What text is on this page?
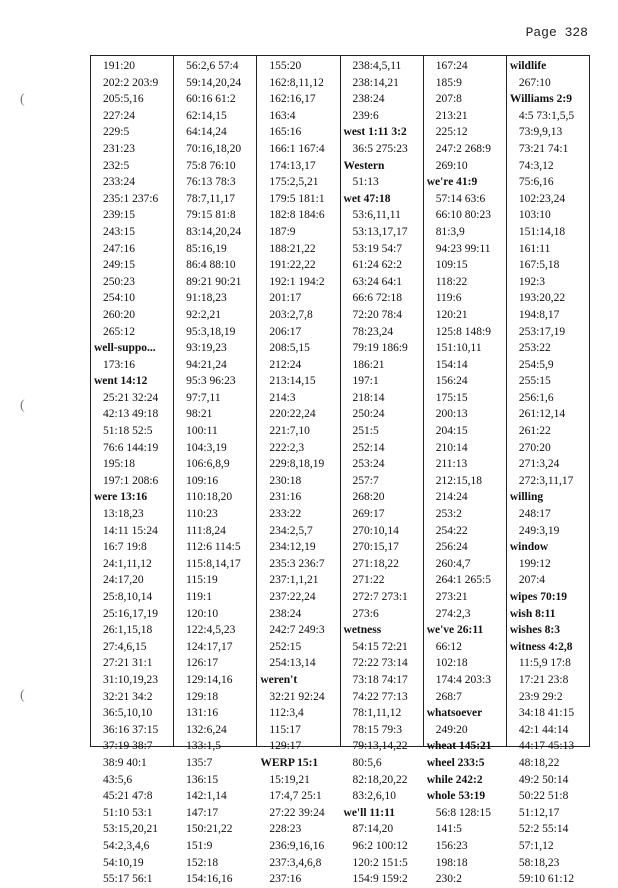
Page 328
(
(
(
191:20
202:2 203:9
205:5,16
227:24
229:5
231:23
232:5
233:24
235:1 237:6
239:15
243:15
247:16
249:15
250:23
254:10
260:20
265:12
well-suppo...
173:16
went 14:12
25:21 32:24
42:13 49:18
51:18 52:5
76:6 144:19
195:18
197:1 208:6
were 13:16
13:18,23
14:11 15:24
16:7 19:8
24:1,11,12
24:17,20
25:8,10,14
25:16,17,19
26:1,15,18
27:4,6,15
27:21 31:1
31:10,19,23
32:21 34:2
36:5,10,10
36:16 37:15
37:19 38:7
38:9 40:1
43:5,6
45:21 47:8
51:10 53:1
53:15,20,21
54:2,3,4,6
54:10,19
55:17 56:1
56:2,6 57:4
59:14,20,24
60:16 61:2
62:14,15
64:14,24
70:16,18,20
75:8 76:10
76:13 78:3
78:7,11,17
79:15 81:8
83:14,20,24
85:16,19
86:4 88:10
89:21 90:21
91:18,23
92:2,21
95:3,18,19
93:19,23
94:21,24
95:3 96:23
97:7,11
98:21
100:11
104:3,19
106:6,8,9
109:16
110:18,20
110:23
111:8,24
112:6 114:5
115:8,14,17
115:19
119:1
120:10
122:4,5,23
124:17,17
126:17
129:14,16
129:18
131:16
132:6,24
133:1,5
135:7
136:15
142:1,14
147:17
150:21,22
151:9
152:18
154:16,16
155:20
162:8,11,12
162:16,17
163:4
165:16
166:1 167:4
174:13,17
175:2,5,21
179:5 181:1
182:8 184:6
187:9
188:21,22
191:22,22
192:1 194:2
201:17
203:2,7,8
206:17
208:5,15
212:24
213:14,15
214:3
220:22,24
221:7,10
222:2,3
229:8,18,19
230:18
231:16
233:22
234:2,5,7
234:12,19
235:3 236:7
237:1,1,21
237:22,24
238:24
242:7 249:3
252:15
254:13,14
weren't
32:21 92:24
112:3,4
115:17
129:17
WERP 15:1
15:19,21
17:4,7 25:1
27:22 39:24
228:23
236:9,16,16
237:3,4,6,8
237:16
238:4,5,11
238:14,21
238:24
239:6
west 1:11 3:2
36:5 275:23
Western
51:13
wet 47:18
53:6,11,11
53:13,17,17
53:19 54:7
61:24 62:2
63:24 64:1
66:6 72:18
72:20 78:4
78:23,24
79:19 186:9
186:21
197:1
218:14
250:24
251:5
252:14
253:24
257:7
268:20
269:17
270:10,14
270:15,17
271:18,22
271:22
272:7 273:1
273:6
wetness
54:15 72:21
72:22 73:14
73:18 74:17
74:22 77:13
78:1,11,12
78:15 79:3
79:13,14,22
80:5,6
82:18,20,22
83:2,6,10
we'll 11:11
87:14,20
96:2 100:12
120:2 151:5
154:9 159:2
167:24
185:9
207:8
213:21
225:12
247:2 268:9
269:10
we're 41:9
57:14 63:6
66:10 80:23
81:3,9
94:23 99:11
109:15
118:22
119:6
120:21
125:8 148:9
151:10,11
154:14
156:24
175:15
200:13
204:15
210:14
211:13
212:15,18
214:24
253:2
254:22
256:24
260:4,7
264:1 265:5
273:21
274:2,3
we've 26:11
66:12
102:18
174:4 203:3
268:7
whatsoever
249:20
wheat 145:21
wheel 233:5
while 242:2
whole 53:19
56:8 128:15
141:5
156:23
198:18
230:2
wildlife
267:10
Williams 2:9
4:5 73:1,5,5
73:9,9,13
73:21 74:1
74:3,12
75:6,16
102:23,24
103:10
151:14,18
161:11
167:5,18
192:3
193:20,22
194:8,17
253:17,19
253:22
254:5,9
255:15
256:1,6
261:12,14
261:22
270:20
271:3,24
272:3,11,17
willing
248:17
249:3,19
window
199:12
207:4
wipes 70:19
wish 8:11
wishes 8:3
witness 4:2,8
11:5,9 17:8
17:21 23:8
23:9 29:2
34:18 41:15
42:1 44:14
44:17 45:13
48:18,22
49:2 50:14
50:22 51:8
51:12,17
52:2 55:14
57:1,12
58:18,23
59:10 61:12
